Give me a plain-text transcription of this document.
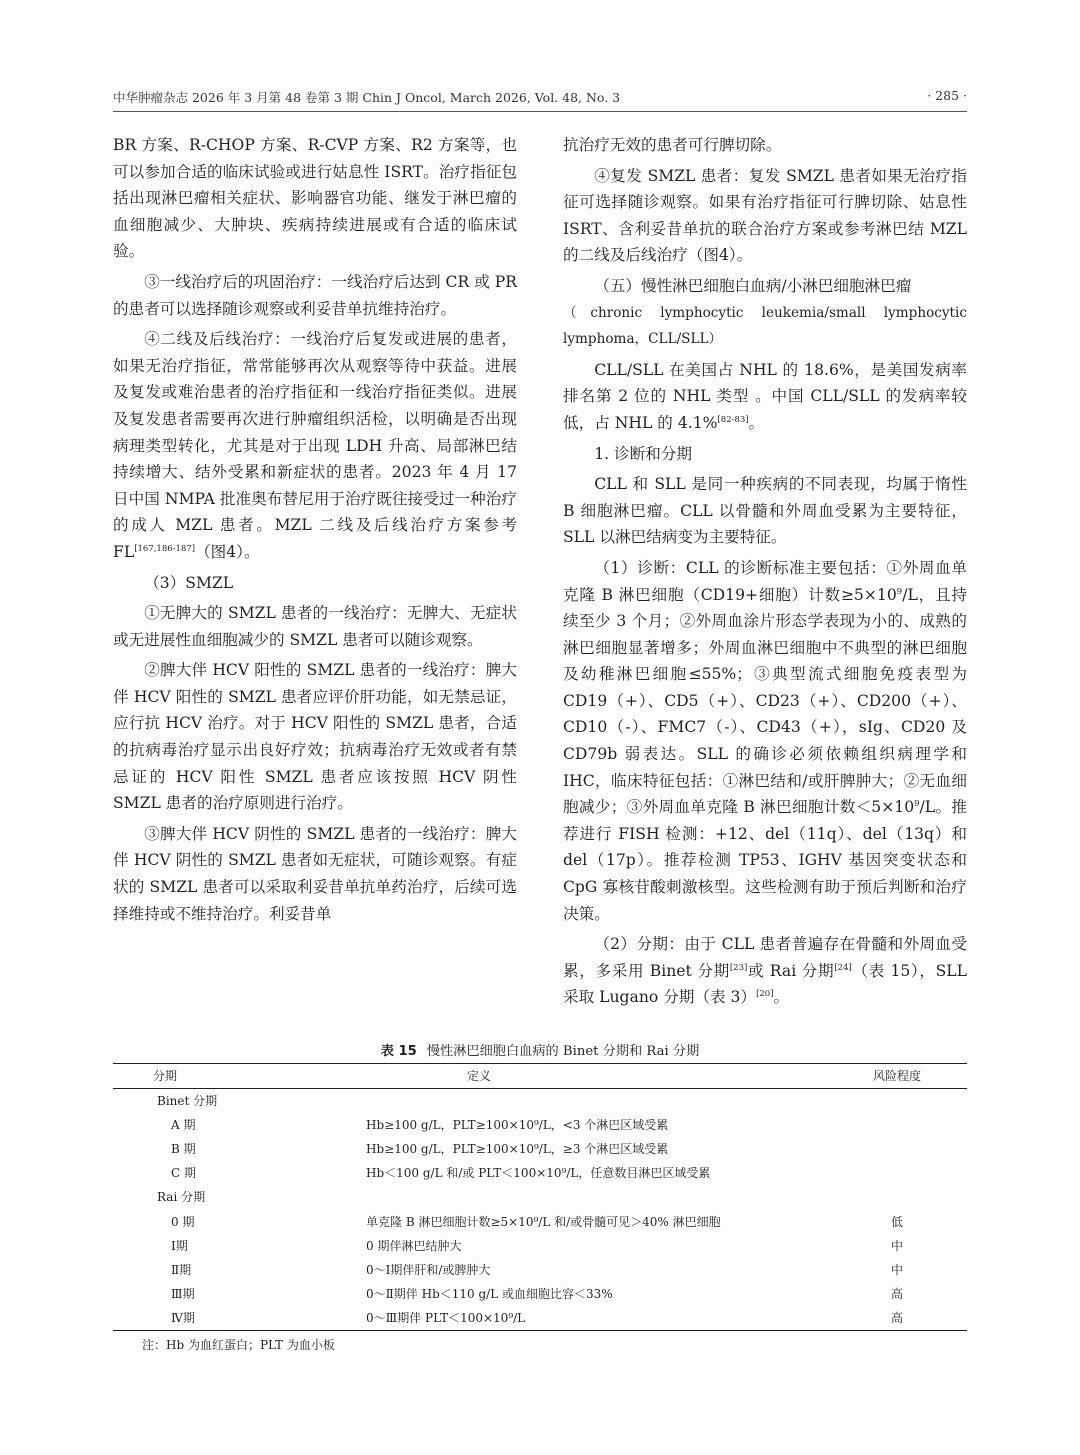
中华肿瘤杂志 2026 年 3 月第 48 卷第 3 期 Chin J Oncol, March 2026, Vol. 48, No. 3	· 285 ·

BR 方案、R-CHOP 方案、R-CVP 方案、R2 方案等，也可以参加合适的临床试验或进行姑息性 ISRT。治疗指征包括出现淋巴瘤相关症状、影响器官功能、继发于淋巴瘤的血细胞减少、大肿块、疾病持续进展或有合适的临床试验。

③一线治疗后的巩固治疗：一线治疗后达到 CR 或 PR 的患者可以选择随诊观察或利妥昔单抗维持治疗。

④二线及后线治疗：一线治疗后复发或进展的患者，如果无治疗指征，常常能够再次从观察等待中获益。进展及复发或难治患者的治疗指征和一线治疗指征类似。进展及复发患者需要再次进行肿瘤组织活检，以明确是否出现病理类型转化，尤其是对于出现 LDH 升高、局部淋巴结持续增大、结外受累和新症状的患者。2023 年 4 月 17 日中国 NMPA 批准奥布替尼用于治疗既往接受过一种治疗的成人 MZL 患者。MZL 二线及后线治疗方案参考 FL[167,186-187]（图4）。

（3）SMZL

①无脾大的 SMZL 患者的一线治疗：无脾大、无症状或无进展性血细胞减少的 SMZL 患者可以随诊观察。

②脾大伴 HCV 阳性的 SMZL 患者的一线治疗：脾大伴 HCV 阳性的 SMZL 患者应评价肝功能，如无禁忌证，应行抗 HCV 治疗。对于 HCV 阳性的 SMZL 患者，合适的抗病毒治疗显示出良好疗效；抗病毒治疗无效或者有禁忌证的 HCV 阳性 SMZL 患者应该按照 HCV 阴性 SMZL 患者的治疗原则进行治疗。

③脾大伴 HCV 阴性的 SMZL 患者的一线治疗：脾大伴 HCV 阴性的 SMZL 患者如无症状，可随诊观察。有症状的 SMZL 患者可以采取利妥昔单抗单药治疗，后续可选择维持或不维持治疗。利妥昔单

抗治疗无效的患者可行脾切除。

④复发 SMZL 患者：复发 SMZL 患者如果无治疗指征可选择随诊观察。如果有治疗指征可行脾切除、姑息性 ISRT、含利妥昔单抗的联合治疗方案或参考淋巴结 MZL 的二线及后线治疗（图4）。

（五）慢性淋巴细胞白血病/小淋巴细胞淋巴瘤

（chronic lymphocytic leukemia/small lymphocytic lymphoma，CLL/SLL）

CLL/SLL 在美国占 NHL 的 18.6%，是美国发病率排名第 2 位的 NHL 类型 。中国 CLL/SLL 的发病率较低，占 NHL 的 4.1%[82-83]。

1. 诊断和分期

CLL 和 SLL 是同一种疾病的不同表现，均属于惰性 B 细胞淋巴瘤。CLL 以骨髓和外周血受累为主要特征，SLL 以淋巴结病变为主要特征。

（1）诊断：CLL 的诊断标准主要包括：①外周血单克隆 B 淋巴细胞（CD19+细胞）计数$\ge 5\times 10^9/L$，且持续至少 3 个月；②外周血涂片形态学表现为小的、成熟的淋巴细胞显著增多；外周血淋巴细胞中不典型的淋巴细胞及幼稚淋巴细胞≤55%；③典型流式细胞免疫表型为 CD19（+）、CD5（+）、CD23（+）、CD200（+）、CD10（-）、FMC7（-）、CD43（+），sIg、CD20 及 CD79b 弱表达。SLL 的确诊必须依赖组织病理学和 IHC，临床特征包括：①淋巴结和/或肝脾肿大；②无血细胞减少；③外周血单克隆 B 淋巴细胞计数$<5\times 10^9/L$。推荐进行 FISH 检测：+12、del（11q）、del（13q）和 del（17p）。推荐检测 TP53、IGHV 基因突变状态和 CpG 寡核苷酸刺激核型。这些检测有助于预后判断和治疗决策。

（2）分期：由于 CLL 患者普遍存在骨髓和外周血受累，多采用 Binet 分期[23]或 Rai 分期[24]（表 15），SLL 采取 Lugano 分期（表 3）[20]。

表 15 慢性淋巴细胞白血病的 Binet 分期和 Rai 分期
分期	定义	风险程度
Binet 分期		
A 期	Hb≥100 g/L，PLT≥100×10⁹/L，<3 个淋巴区域受累	
B 期	Hb≥100 g/L，PLT≥100×10⁹/L，≥3 个淋巴区域受累	
C 期	Hb＜100 g/L 和/或 PLT＜100×10⁹/L，任意数目淋巴区域受累	
Rai 分期		
0 期	单克隆 B 淋巴细胞计数≥5×10⁹/L 和/或骨髓可见＞40% 淋巴细胞	低
Ⅰ期	0 期伴淋巴结肿大	中
Ⅱ期	0～Ⅰ期伴肝和/或脾肿大	中
Ⅲ期	0～Ⅱ期伴 Hb＜110 g/L 或血细胞比容＜33%	高
Ⅳ期	0～Ⅲ期伴 PLT＜100×10⁹/L	高
注：Hb 为血红蛋白；PLT 为血小板
